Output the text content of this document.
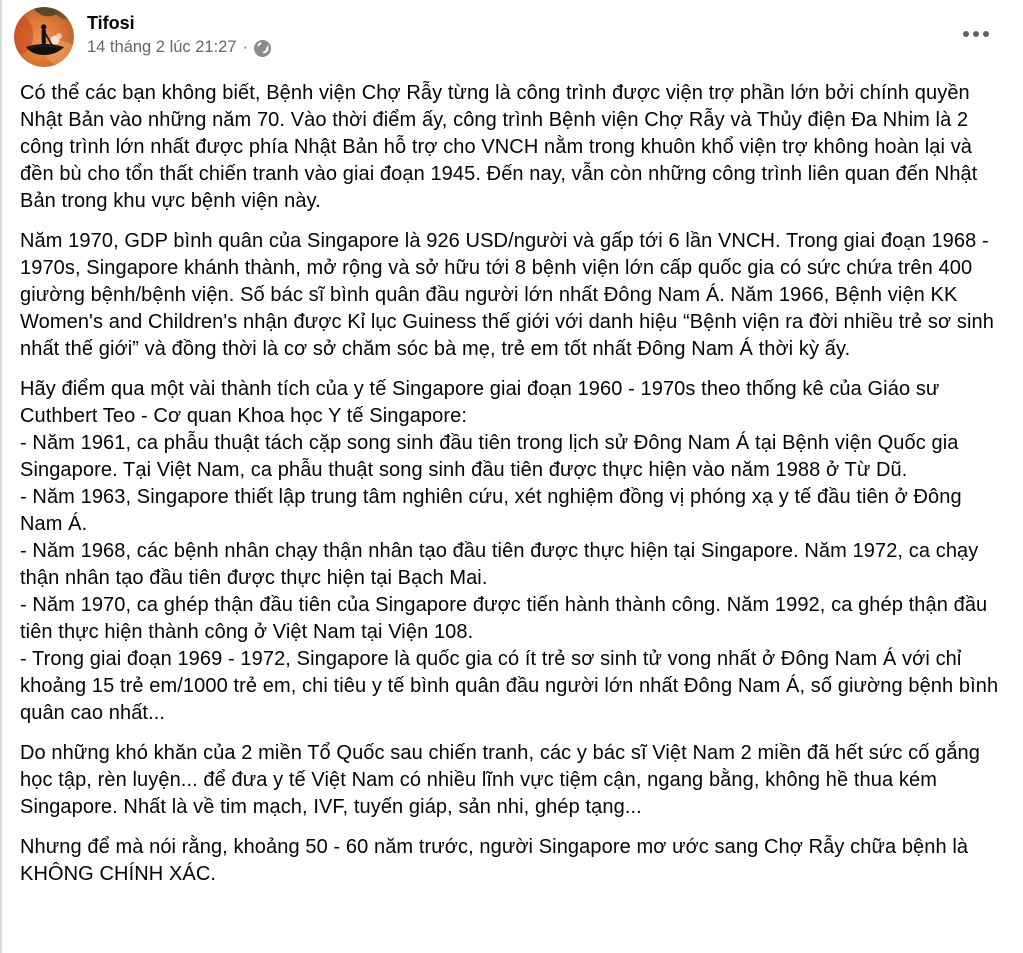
Tifosi
14 tháng 2 lúc 21:27 ·

Có thể các bạn không biết, Bệnh viện Chợ Rẫy từng là công trình được viện trợ phần lớn bởi chính quyền Nhật Bản vào những năm 70. Vào thời điểm ấy, công trình Bệnh viện Chợ Rẫy và Thủy điện Đa Nhim là 2 công trình lớn nhất được phía Nhật Bản hỗ trợ cho VNCH nằm trong khuôn khổ viện trợ không hoàn lại và đền bù cho tổn thất chiến tranh vào giai đoạn 1945. Đến nay, vẫn còn những công trình liên quan đến Nhật Bản trong khu vực bệnh viện này.

Năm 1970, GDP bình quân của Singapore là 926 USD/người và gấp tới 6 lần VNCH. Trong giai đoạn 1968 - 1970s, Singapore khánh thành, mở rộng và sở hữu tới 8 bệnh viện lớn cấp quốc gia có sức chứa trên 400 giường bệnh/bệnh viện. Số bác sĩ bình quân đầu người lớn nhất Đông Nam Á. Năm 1966, Bệnh viện KK Women's and Children's nhận được Kỉ lục Guiness thế giới với danh hiệu “Bệnh viện ra đời nhiều trẻ sơ sinh nhất thế giới” và đồng thời là cơ sở chăm sóc bà mẹ, trẻ em tốt nhất Đông Nam Á thời kỳ ấy.

Hãy điểm qua một vài thành tích của y tế Singapore giai đoạn 1960 - 1970s theo thống kê của Giáo sư Cuthbert Teo - Cơ quan Khoa học Y tế Singapore:

- Năm 1961, ca phẫu thuật tách cặp song sinh đầu tiên trong lịch sử Đông Nam Á tại Bệnh viện Quốc gia Singapore. Tại Việt Nam, ca phẫu thuật song sinh đầu tiên được thực hiện vào năm 1988 ở Từ Dũ.

- Năm 1963, Singapore thiết lập trung tâm nghiên cứu, xét nghiệm đồng vị phóng xạ y tế đầu tiên ở Đông Nam Á.

- Năm 1968, các bệnh nhân chạy thận nhân tạo đầu tiên được thực hiện tại Singapore. Năm 1972, ca chạy thận nhân tạo đầu tiên được thực hiện tại Bạch Mai.

- Năm 1970, ca ghép thận đầu tiên của Singapore được tiến hành thành công. Năm 1992, ca ghép thận đầu tiên thực hiện thành công ở Việt Nam tại Viện 108.

- Trong giai đoạn 1969 - 1972, Singapore là quốc gia có ít trẻ sơ sinh tử vong nhất ở Đông Nam Á với chỉ khoảng 15 trẻ em/1000 trẻ em, chi tiêu y tế bình quân đầu người lớn nhất Đông Nam Á, số giường bệnh bình quân cao nhất...

Do những khó khăn của 2 miền Tổ Quốc sau chiến tranh, các y bác sĩ Việt Nam 2 miền đã hết sức cố gắng học tập, rèn luyện... để đưa y tế Việt Nam có nhiều lĩnh vực tiệm cận, ngang bằng, không hề thua kém Singapore. Nhất là về tim mạch, IVF, tuyến giáp, sản nhi, ghép tạng...

Nhưng để mà nói rằng, khoảng 50 - 60 năm trước, người Singapore mơ ước sang Chợ Rẫy chữa bệnh là KHÔNG CHÍNH XÁC.
